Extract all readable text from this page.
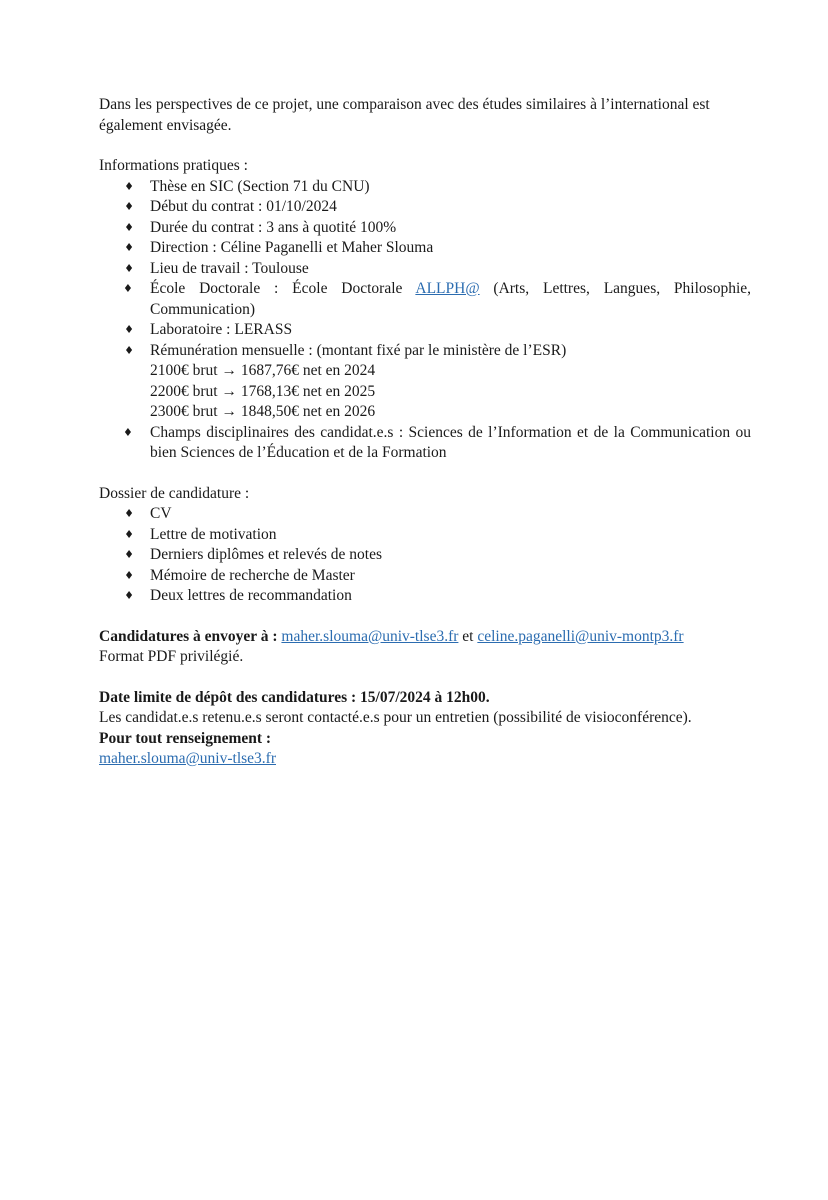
Dans les perspectives de ce projet, une comparaison avec des études similaires à l’international est également envisagée.

Informations pratiques :

♦ Thèse en SIC (Section 71 du CNU)
♦ Début du contrat : 01/10/2024
♦ Durée du contrat : 3 ans à quotité 100%
♦ Direction : Céline Paganelli et Maher Slouma
♦ Lieu de travail : Toulouse
♦ École Doctorale : École Doctorale ALLPH@ (Arts, Lettres, Langues, Philosophie, Communication)
♦ Laboratoire : LERASS
♦ Rémunération mensuelle : (montant fixé par le ministère de l’ESR)
2100€ brut → 1687,76€ net en 2024
2200€ brut → 1768,13€ net en 2025
2300€ brut → 1848,50€ net en 2026
♦ Champs disciplinaires des candidat.e.s : Sciences de l’Information et de la Communication ou bien Sciences de l’Éducation et de la Formation

Dossier de candidature :

♦ CV
♦ Lettre de motivation
♦ Derniers diplômes et relevés de notes
♦ Mémoire de recherche de Master
♦ Deux lettres de recommandation

Candidatures à envoyer à : maher.slouma@univ-tlse3.fr et celine.paganelli@univ-montp3.fr

Format PDF privilégié.

Date limite de dépôt des candidatures : 15/07/2024 à 12h00.

Les candidat.e.s retenu.e.s seront contacté.e.s pour un entretien (possibilité de visioconférence).

Pour tout renseignement :

maher.slouma@univ-tlse3.fr
